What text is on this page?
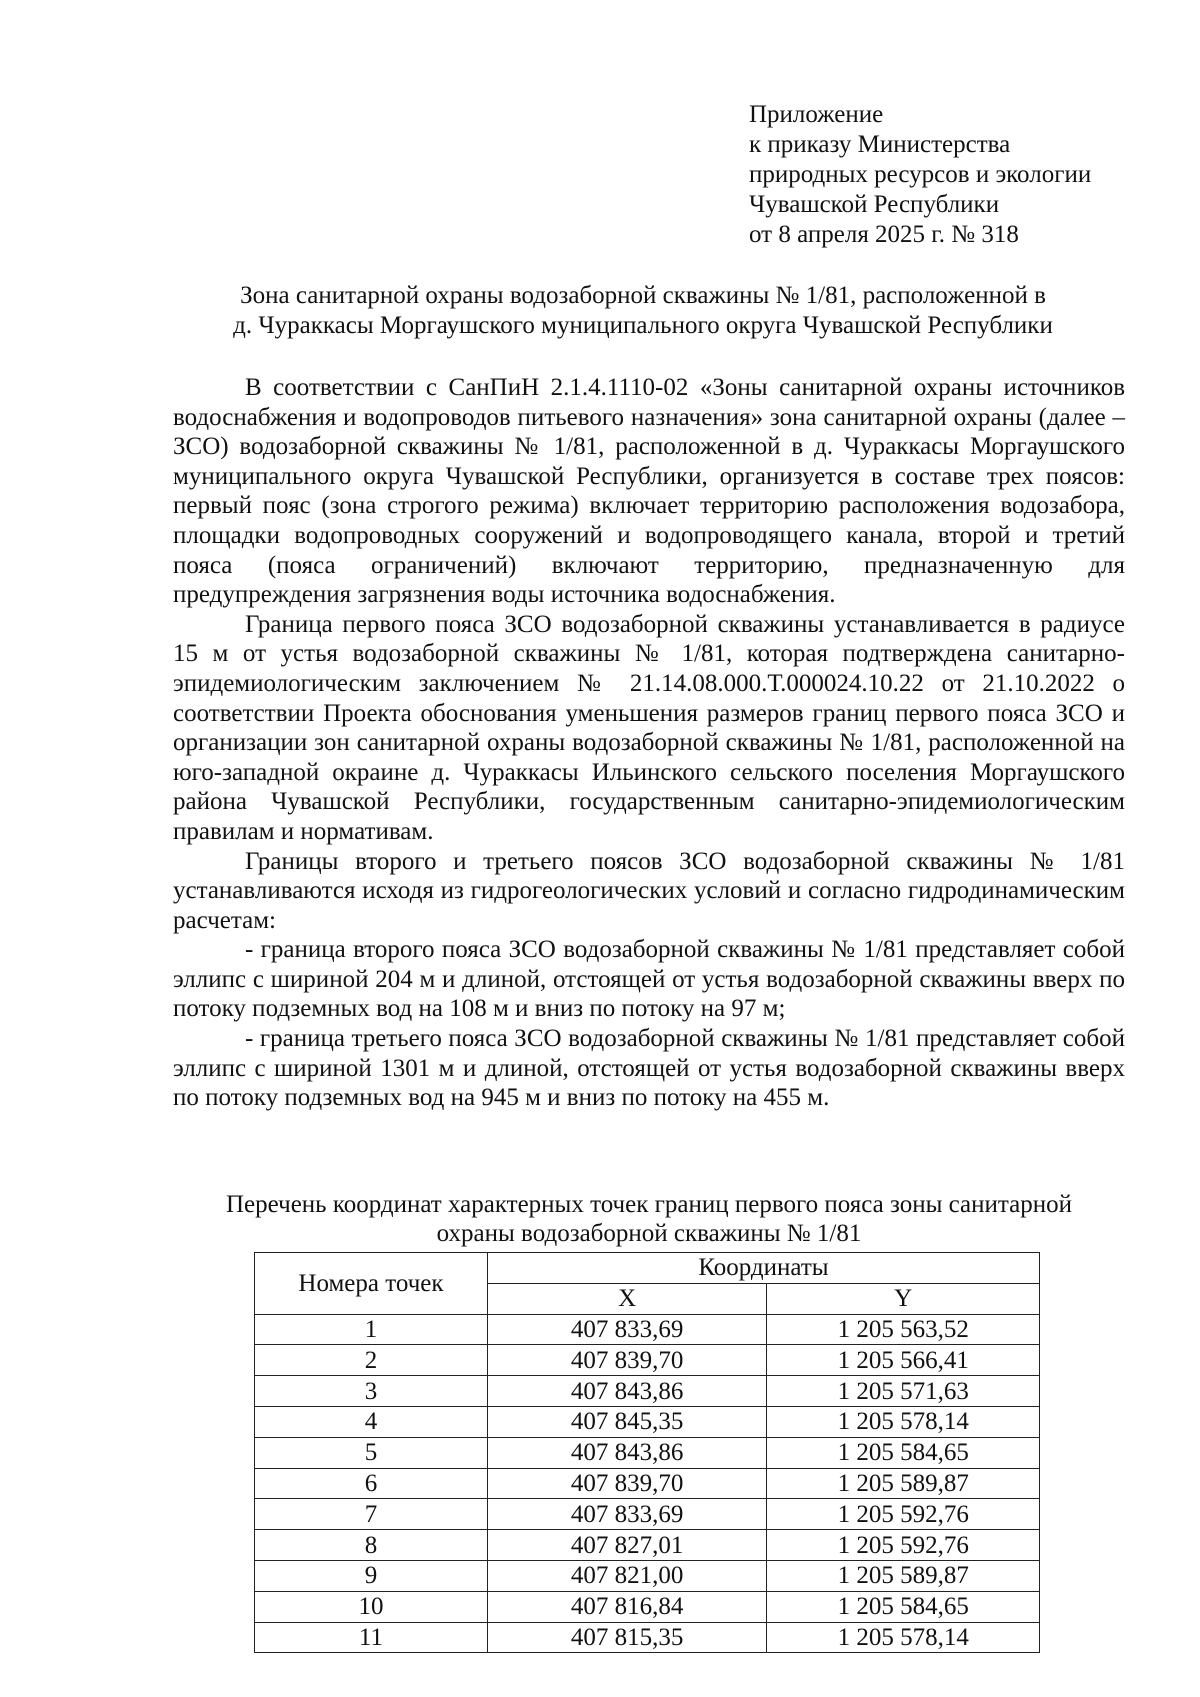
Приложение
к приказу Министерства
природных ресурсов и экологии
Чувашской Республики
от 8 апреля 2025 г. № 318
Зона санитарной охраны водозаборной скважины № 1/81, расположенной в
д. Чураккасы Моргаушского муниципального округа Чувашской Республики

В соответствии с СанПиН 2.1.4.1110-02 «Зоны санитарной охраны источников водоснабжения и водопроводов питьевого назначения» зона санитарной охраны (далее – ЗСО) водозаборной скважины № 1/81, расположенной в д. Чураккасы Моргаушского муниципального округа Чувашской Республики, организуется в составе трех поясов: первый пояс (зона строгого режима) включает территорию расположения водозабора, площадки водопроводных сооружений и водопроводящего канала, второй и третий пояса (пояса ограничений) включают территорию, предназначенную для предупреждения загрязнения воды источника водоснабжения.

Граница первого пояса ЗСО водозаборной скважины устанавливается в радиусе 15 м от устья водозаборной скважины № 1/81, которая подтверждена санитарно-эпидемиологическим заключением № 21.14.08.000.Т.000024.10.22 от 21.10.2022 о соответствии Проекта обоснования уменьшения размеров границ первого пояса ЗСО и организации зон санитарной охраны водозаборной скважины № 1/81, расположенной на юго-западной окраине д. Чураккасы Ильинского сельского поселения Моргаушского района Чувашской Республики, государственным санитарно-эпидемиологическим правилам и нормативам.

Границы второго и третьего поясов ЗСО водозаборной скважины № 1/81 устанавливаются исходя из гидрогеологических условий и согласно гидродинамическим расчетам:

- граница второго пояса ЗСО водозаборной скважины № 1/81 представляет собой эллипс с шириной 204 м и длиной, отстоящей от устья водозаборной скважины вверх по потоку подземных вод на 108 м и вниз по потоку на 97 м;

- граница третьего пояса ЗСО водозаборной скважины № 1/81 представляет собой эллипс с шириной 1301 м и длиной, отстоящей от устья водозаборной скважины вверх по потоку подземных вод на 945 м и вниз по потоку на 455 м.

Перечень координат характерных точек границ первого пояса зоны санитарной
охраны водозаборной скважины № 1/81
Номера точек	Координаты	
	X	Y
1	407 833,69	1 205 563,52
2	407 839,70	1 205 566,41
3	407 843,86	1 205 571,63
4	407 845,35	1 205 578,14
5	407 843,86	1 205 584,65
6	407 839,70	1 205 589,87
7	407 833,69	1 205 592,76
8	407 827,01	1 205 592,76
9	407 821,00	1 205 589,87
10	407 816,84	1 205 584,65
11	407 815,35	1 205 578,14
